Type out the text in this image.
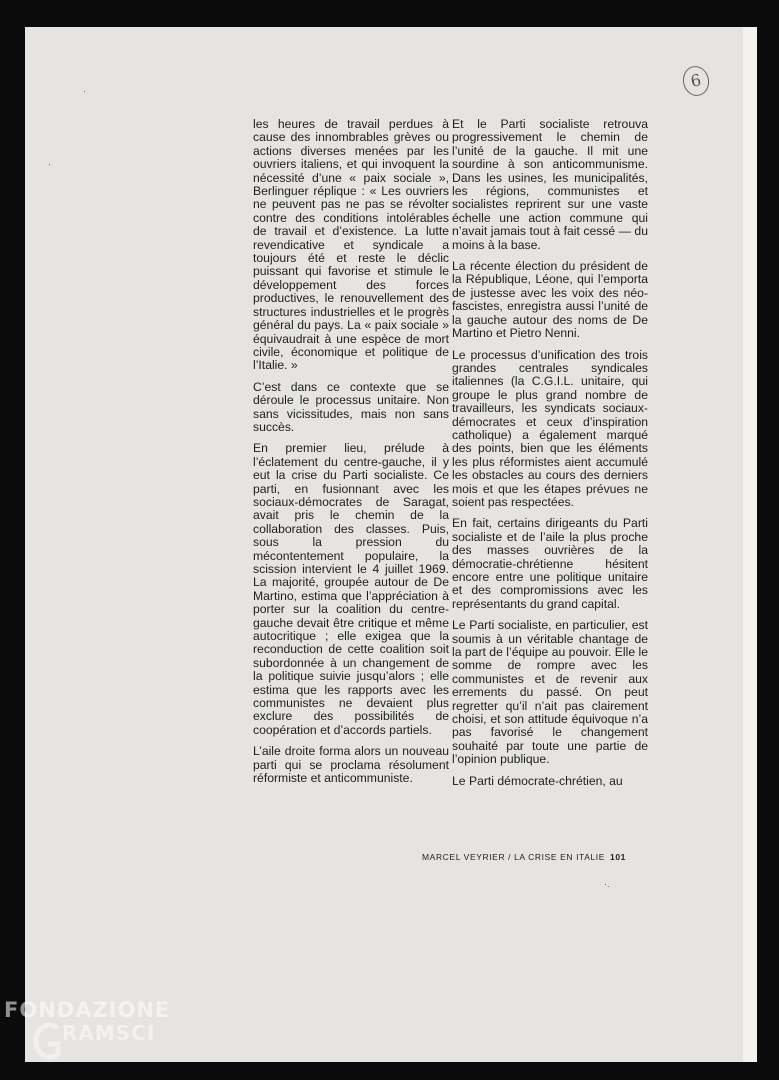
·
·
·.
6

les heures de travail perdues à cause des innombrables grèves ou actions diverses menées par les ouvriers italiens, et qui invoquent la nécessité d’une « paix sociale », Berlinguer réplique : « Les ouvriers ne peuvent pas ne pas se révolter contre des conditions intolérables de travail et d’existence. La lutte revendicative et syndicale a toujours été et reste le déclic puissant qui favorise et stimule le développement des forces productives, le renouvellement des structures industrielles et le progrès général du pays. La « paix sociale » équivaudrait à une espèce de mort civile, économique et politique de l’Italie. »

C’est dans ce contexte que se déroule le processus unitaire. Non sans vicissitudes, mais non sans succès.

En premier lieu, prélude à l’éclatement du centre-gauche, il y eut la crise du Parti socialiste. Ce parti, en fusionnant avec les sociaux-démocrates de Saragat, avait pris le chemin de la collaboration des classes. Puis, sous la pression du mécontentement populaire, la scission intervient le 4 juillet 1969. La majorité, groupée autour de De Martino, estima que l’appréciation à porter sur la coalition du centre-gauche devait être critique et même autocritique ; elle exigea que la reconduction de cette coalition soit subordonnée à un changement de la politique suivie jusqu’alors ; elle estima que les rapports avec les communistes ne devaient plus exclure des possibilités de coopération et d’accords partiels.

L’aile droite forma alors un nouveau parti qui se proclama résolument réformiste et anticommuniste.

Et le Parti socialiste retrouva progressivement le chemin de l’unité de la gauche. Il mit une sourdine à son anticommunisme. Dans les usines, les municipalités, les régions, communistes et socialistes reprirent sur une vaste échelle une action commune qui n’avait jamais tout à fait cessé — du moins à la base.

La récente élection du président de la République, Léone, qui l’emporta de justesse avec les voix des néo-fascistes, enregistra aussi l’unité de la gauche autour des noms de De Martino et Pietro Nenni.

Le processus d’unification des trois grandes centrales syndicales italiennes (la C.G.I.L. unitaire, qui groupe le plus grand nombre de travailleurs, les syndicats sociaux-démocrates et ceux d’inspiration catholique) a également marqué des points, bien que les éléments les plus réformistes aient accumulé les obstacles au cours des derniers mois et que les étapes prévues ne soient pas respectées.

En fait, certains dirigeants du Parti socialiste et de l’aile la plus proche des masses ouvrières de la démocratie-chrétienne hésitent encore entre une politique unitaire et des compromissions avec les représentants du grand capital.

Le Parti socialiste, en particulier, est soumis à un véritable chantage de la part de l’équipe au pouvoir. Elle le somme de rompre avec les communistes et de revenir aux errements du passé. On peut regretter qu’il n’ait pas clairement choisi, et son attitude équivoque n’a pas favorisé le changement souhaité par toute une partie de l’opinion publique.

Le Parti démocrate-chrétien, au

MARCEL VEYRIER / LA CRISE EN ITALIE 101
FONDAZIONE
RAMSCI
